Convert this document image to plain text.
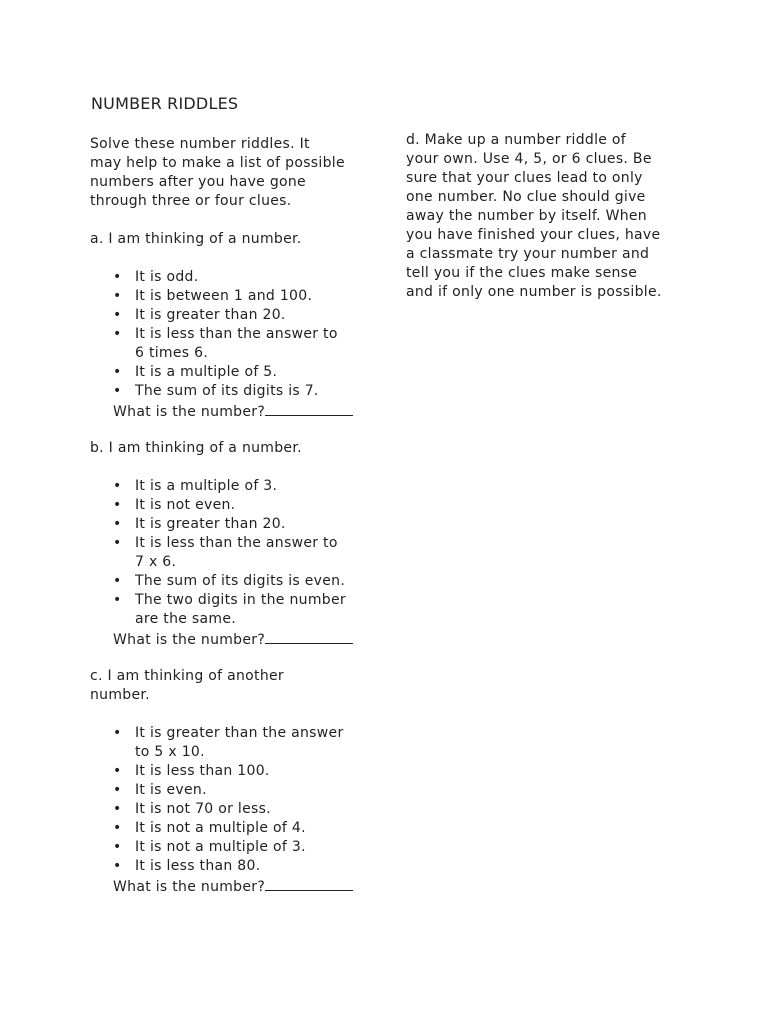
NUMBER RIDDLES
Solve these number riddles. It
may help to make a list of possible
numbers after you have gone
through three or four clues.
a. I am thinking of a number.
• It is odd.
• It is between 1 and 100.
• It is greater than 20.
• It is less than the answer to
6 times 6.
• It is a multiple of 5.
• The sum of its digits is 7.
What is the number?
b. I am thinking of a number.
• It is a multiple of 3.
• It is not even.
• It is greater than 20.
• It is less than the answer to
7 x 6.
• The sum of its digits is even.
• The two digits in the number
are the same.
What is the number?
c. I am thinking of another
number.
• It is greater than the answer
to 5 x 10.
• It is less than 100.
• It is even.
• It is not 70 or less.
• It is not a multiple of 4.
• It is not a multiple of 3.
• It is less than 80.
What is the number?
d. Make up a number riddle of
your own. Use 4, 5, or 6 clues. Be
sure that your clues lead to only
one number. No clue should give
away the number by itself. When
you have finished your clues, have
a classmate try your number and
tell you if the clues make sense
and if only one number is possible.
